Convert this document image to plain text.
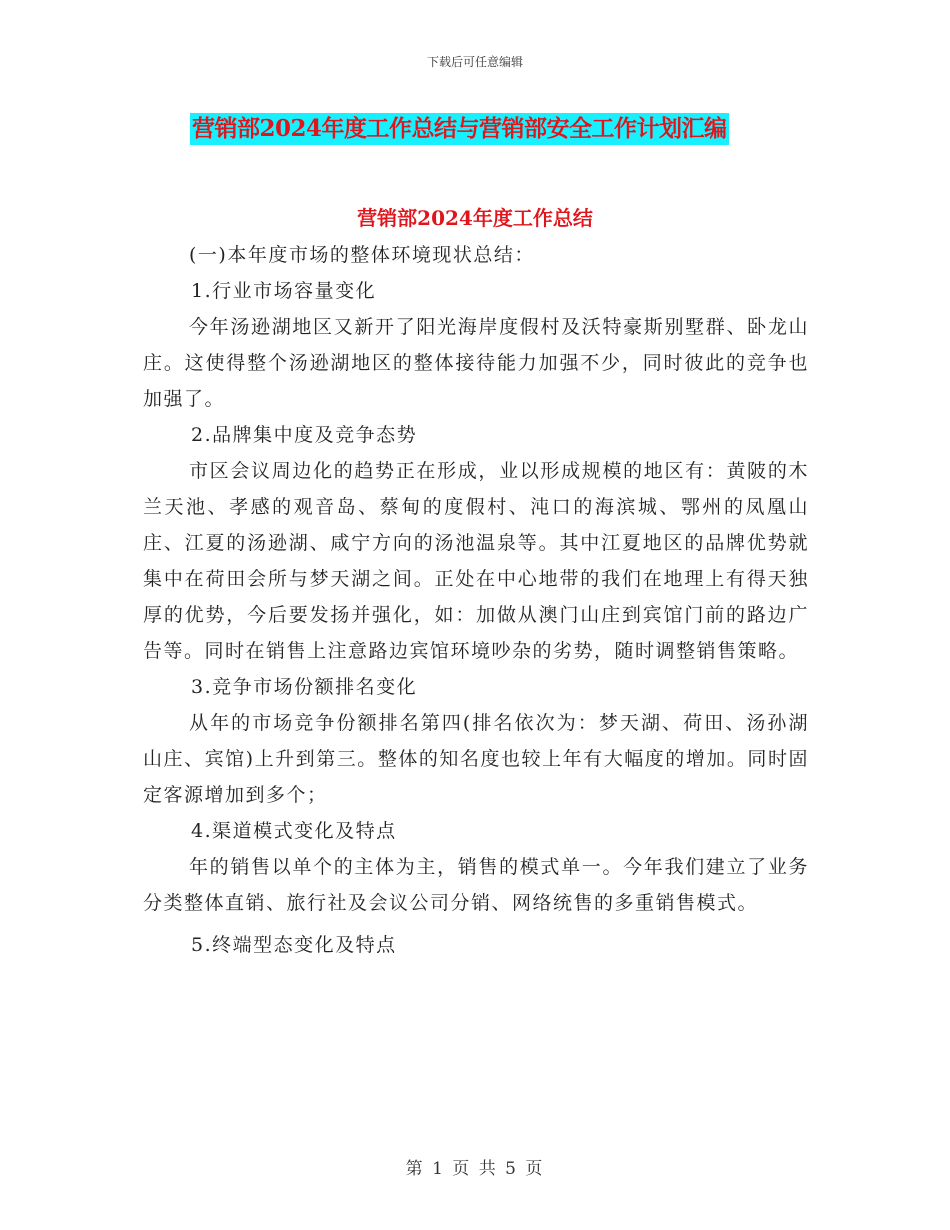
下载后可任意编辑
营销部2024年度工作总结与营销部安全工作计划汇编
营销部2024年度工作总结

(一)本年度市场的整体环境现状总结：

1.行业市场容量变化

今年汤逊湖地区又新开了阳光海岸度假村及沃特豪斯别墅群、卧龙山庄。这使得整个汤逊湖地区的整体接待能力加强不少，同时彼此的竞争也加强了。

2.品牌集中度及竞争态势

市区会议周边化的趋势正在形成，业以形成规模的地区有：黄陂的木兰天池、孝感的观音岛、蔡甸的度假村、沌口的海滨城、鄂州的凤凰山庄、江夏的汤逊湖、咸宁方向的汤池温泉等。其中江夏地区的品牌优势就集中在荷田会所与梦天湖之间。正处在中心地带的我们在地理上有得天独厚的优势，今后要发扬并强化，如：加做从澳门山庄到宾馆门前的路边广告等。同时在销售上注意路边宾馆环境吵杂的劣势，随时调整销售策略。

3.竞争市场份额排名变化

从年的市场竞争份额排名第四(排名依次为：梦天湖、荷田、汤孙湖山庄、宾馆)上升到第三。整体的知名度也较上年有大幅度的增加。同时固定客源增加到多个；

4.渠道模式变化及特点

年的销售以单个的主体为主，销售的模式单一。今年我们建立了业务分类整体直销、旅行社及会议公司分销、网络统售的多重销售模式。

5.终端型态变化及特点

第 1 页 共 5 页
